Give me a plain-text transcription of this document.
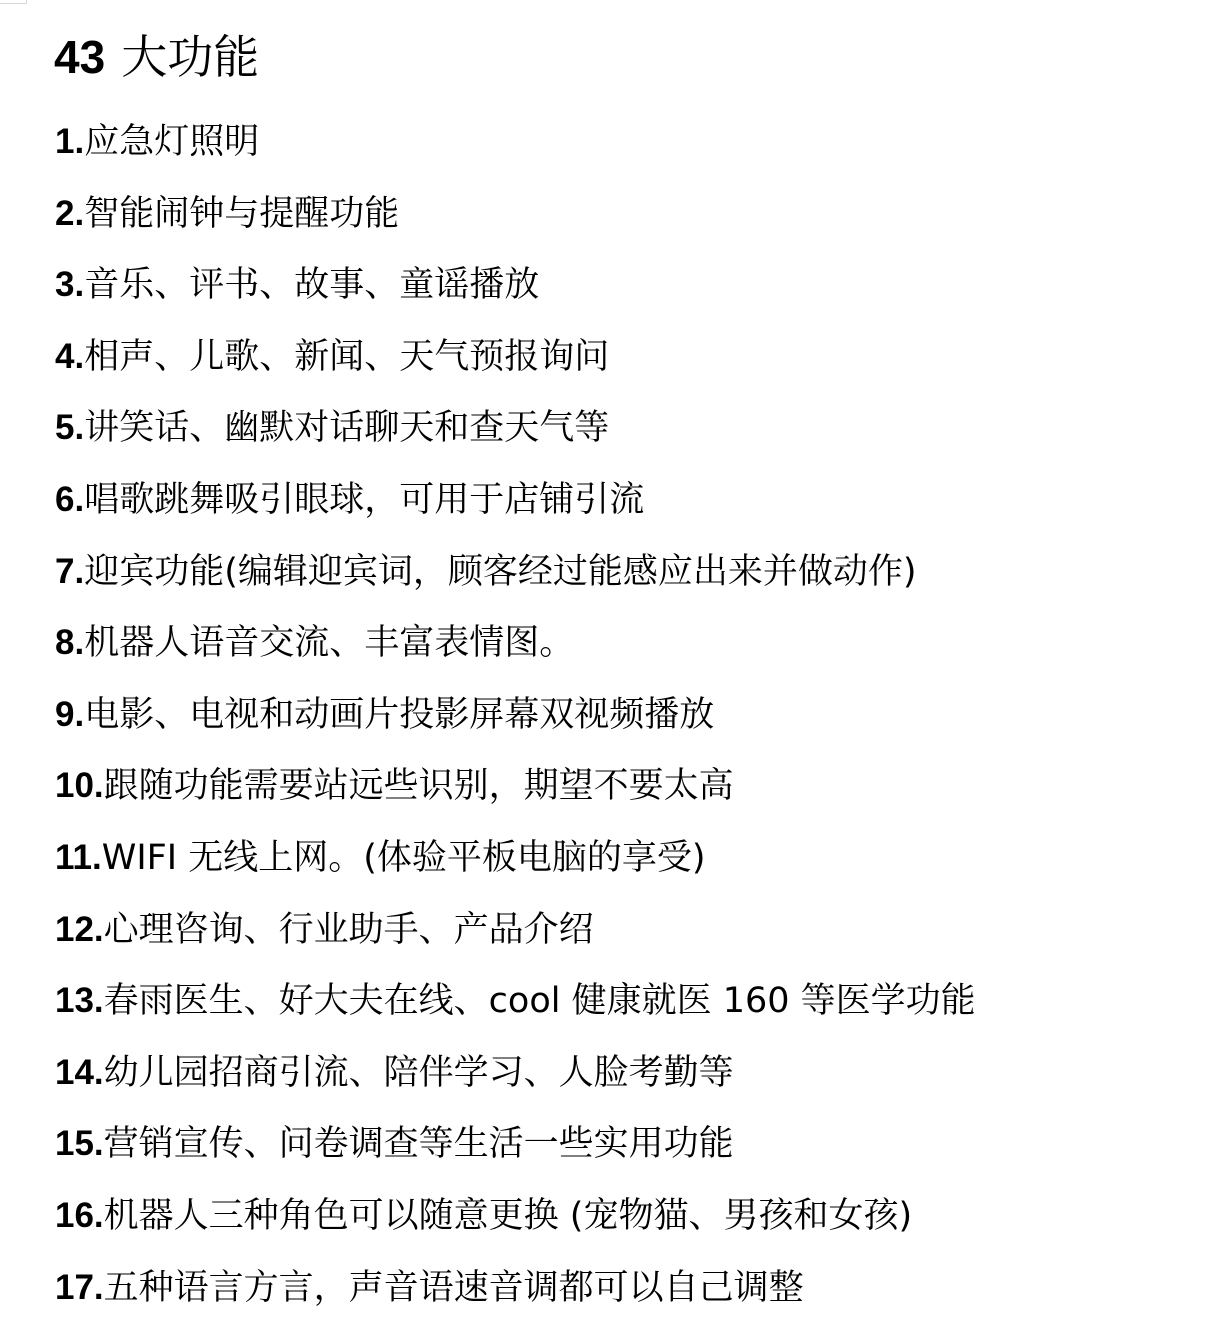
43 大功能
1.应急灯照明
2.智能闹钟与提醒功能
3.音乐、评书、故事、童谣播放
4.相声、儿歌、新闻、天气预报询问
5.讲笑话、幽默对话聊天和查天气等
6.唱歌跳舞吸引眼球，可用于店铺引流
7.迎宾功能(编辑迎宾词，顾客经过能感应出来并做动作)
8.机器人语音交流、丰富表情图。
9.电影、电视和动画片投影屏幕双视频播放
10.跟随功能需要站远些识别，期望不要太高
11.WIFI 无线上网。(体验平板电脑的享受)
12.心理咨询、行业助手、产品介绍
13.春雨医生、好大夫在线、cool 健康就医 160 等医学功能
14.幼儿园招商引流、陪伴学习、人脸考勤等
15.营销宣传、问卷调查等生活一些实用功能
16.机器人三种角色可以随意更换 (宠物猫、男孩和女孩)
17.五种语言方言，声音语速音调都可以自己调整
